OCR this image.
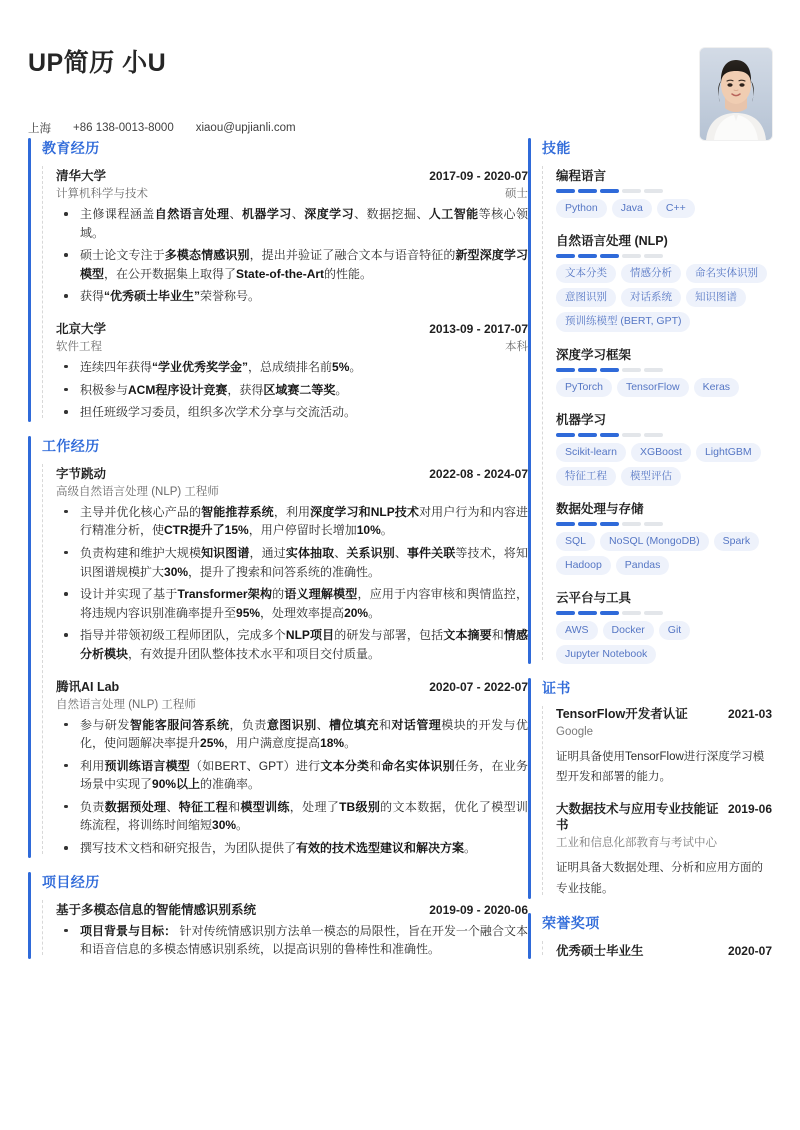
UP简历 小U
上海 +86 138-0013-8000 xiaou@upjianli.com
教育经历
清华大学	2017-09 - 2020-07
计算机科学与技术	硕士
主修课程涵盖自然语言处理、机器学习、深度学习、数据挖掘、人工智能等核心领域。
硕士论文专注于多模态情感识别，提出并验证了融合文本与语音特征的新型深度学习模型，在公开数据集上取得了State-of-the-Art的性能。
获得“优秀硕士毕业生”荣誉称号。
北京大学	2013-09 - 2017-07
软件工程	本科
连续四年获得“学业优秀奖学金”，总成绩排名前5%。
积极参与ACM程序设计竞赛，获得区域赛二等奖。
担任班级学习委员，组织多次学术分享与交流活动。
工作经历
字节跳动	2022-08 - 2024-07
高级自然语言处理 (NLP) 工程师
主导并优化核心产品的智能推荐系统，利用深度学习和NLP技术对用户行为和内容进行精准分析，使CTR提升了15%，用户停留时长增加10%。
负责构建和维护大规模知识图谱，通过实体抽取、关系识别、事件关联等技术，将知识图谱规模扩大30%，提升了搜索和问答系统的准确性。
设计并实现了基于Transformer架构的语义理解模型，应用于内容审核和舆情监控，将违规内容识别准确率提升至95%，处理效率提高20%。
指导并带领初级工程师团队，完成多个NLP项目的研发与部署，包括文本摘要和情感分析模块，有效提升团队整体技术水平和项目交付质量。
腾讯AI Lab	2020-07 - 2022-07
自然语言处理 (NLP) 工程师
参与研发智能客服问答系统，负责意图识别、槽位填充和对话管理模块的开发与优化，使问题解决率提升25%，用户满意度提高18%。
利用预训练语言模型（如BERT、GPT）进行文本分类和命名实体识别任务，在业务场景中实现了90%以上的准确率。
负责数据预处理、特征工程和模型训练，处理了TB级别的文本数据，优化了模型训练流程，将训练时间缩短30%。
撰写技术文档和研究报告，为团队提供了有效的技术选型建议和解决方案。
项目经历
基于多模态信息的智能情感识别系统	2019-09 - 2020-06
项目背景与目标： 针对传统情感识别方法单一模态的局限性，旨在开发一个融合文本和语音信息的多模态情感识别系统，以提高识别的鲁棒性和准确性。
技能
编程语言
Python	Java	C++
自然语言处理 (NLP)
文本分类	情感分析	命名实体识别
意图识别	对话系统	知识图谱
预训练模型 (BERT, GPT)
深度学习框架
PyTorch	TensorFlow	Keras
机器学习
Scikit-learn	XGBoost	LightGBM
特征工程	模型评估
数据处理与存储
SQL	NoSQL (MongoDB)	Spark
Hadoop	Pandas
云平台与工具
AWS	Docker	Git
Jupyter Notebook
证书
TensorFlow开发者认证	2021-03
Google
证明具备使用TensorFlow进行深度学习模型开发和部署的能力。
大数据技术与应用专业技能证书
2019-06
工业和信息化部教育与考试中心
证明具备大数据处理、分析和应用方面的专业技能。
荣誉奖项
优秀硕士毕业生	2020-07
